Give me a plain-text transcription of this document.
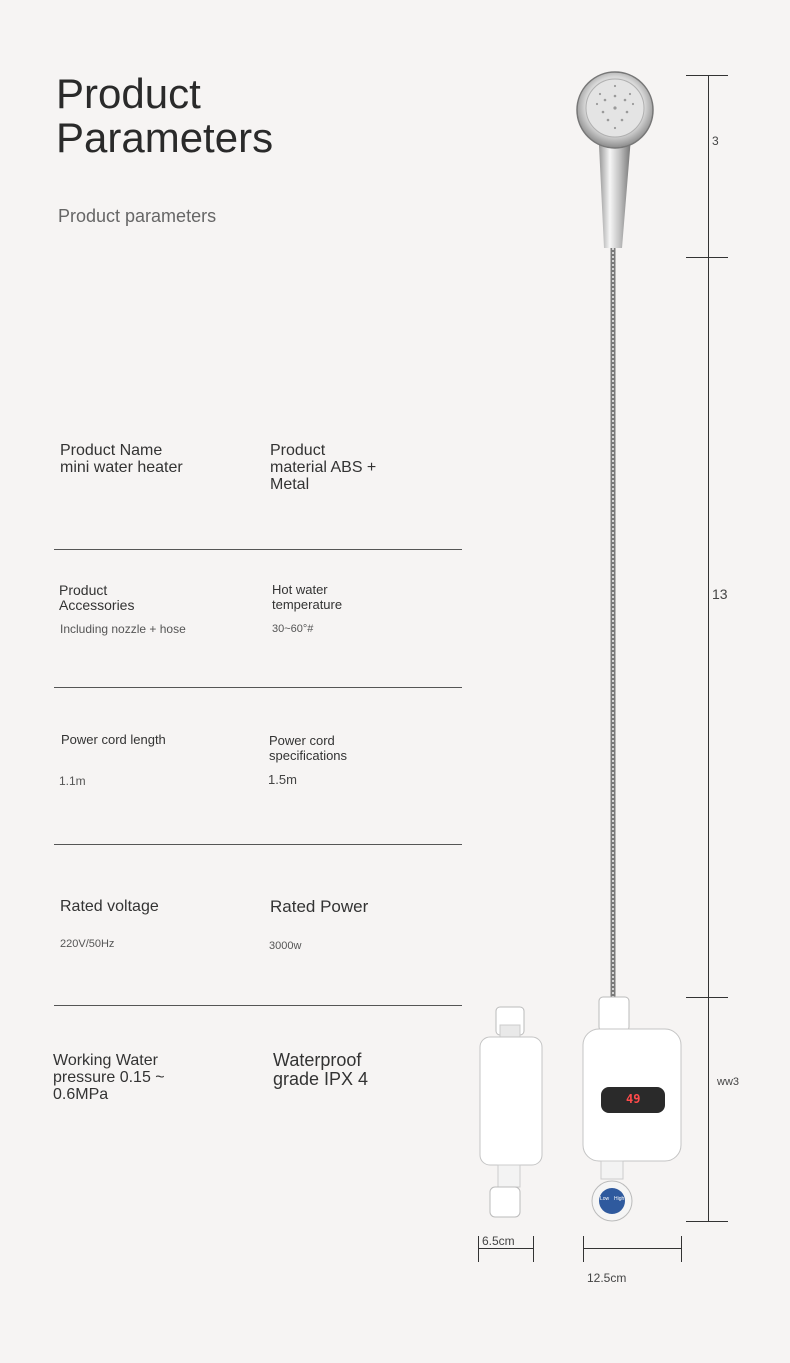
Product
Parameters
Product parameters
Product Name
mini water heater
Product
material ABS +
Metal
Product
Accessories
Including nozzle + hose
Hot water
temperature
30~60°#
Power cord length
1.1m
Power cord
specifications
1.5m
Rated voltage
220V/50Hz
Rated Power
3000w
Working Water
pressure 0.15 ~
0.6MPa
Waterproof
grade IPX 4
3
13
ww3
6.5cm
12.5cm
49
Low High
